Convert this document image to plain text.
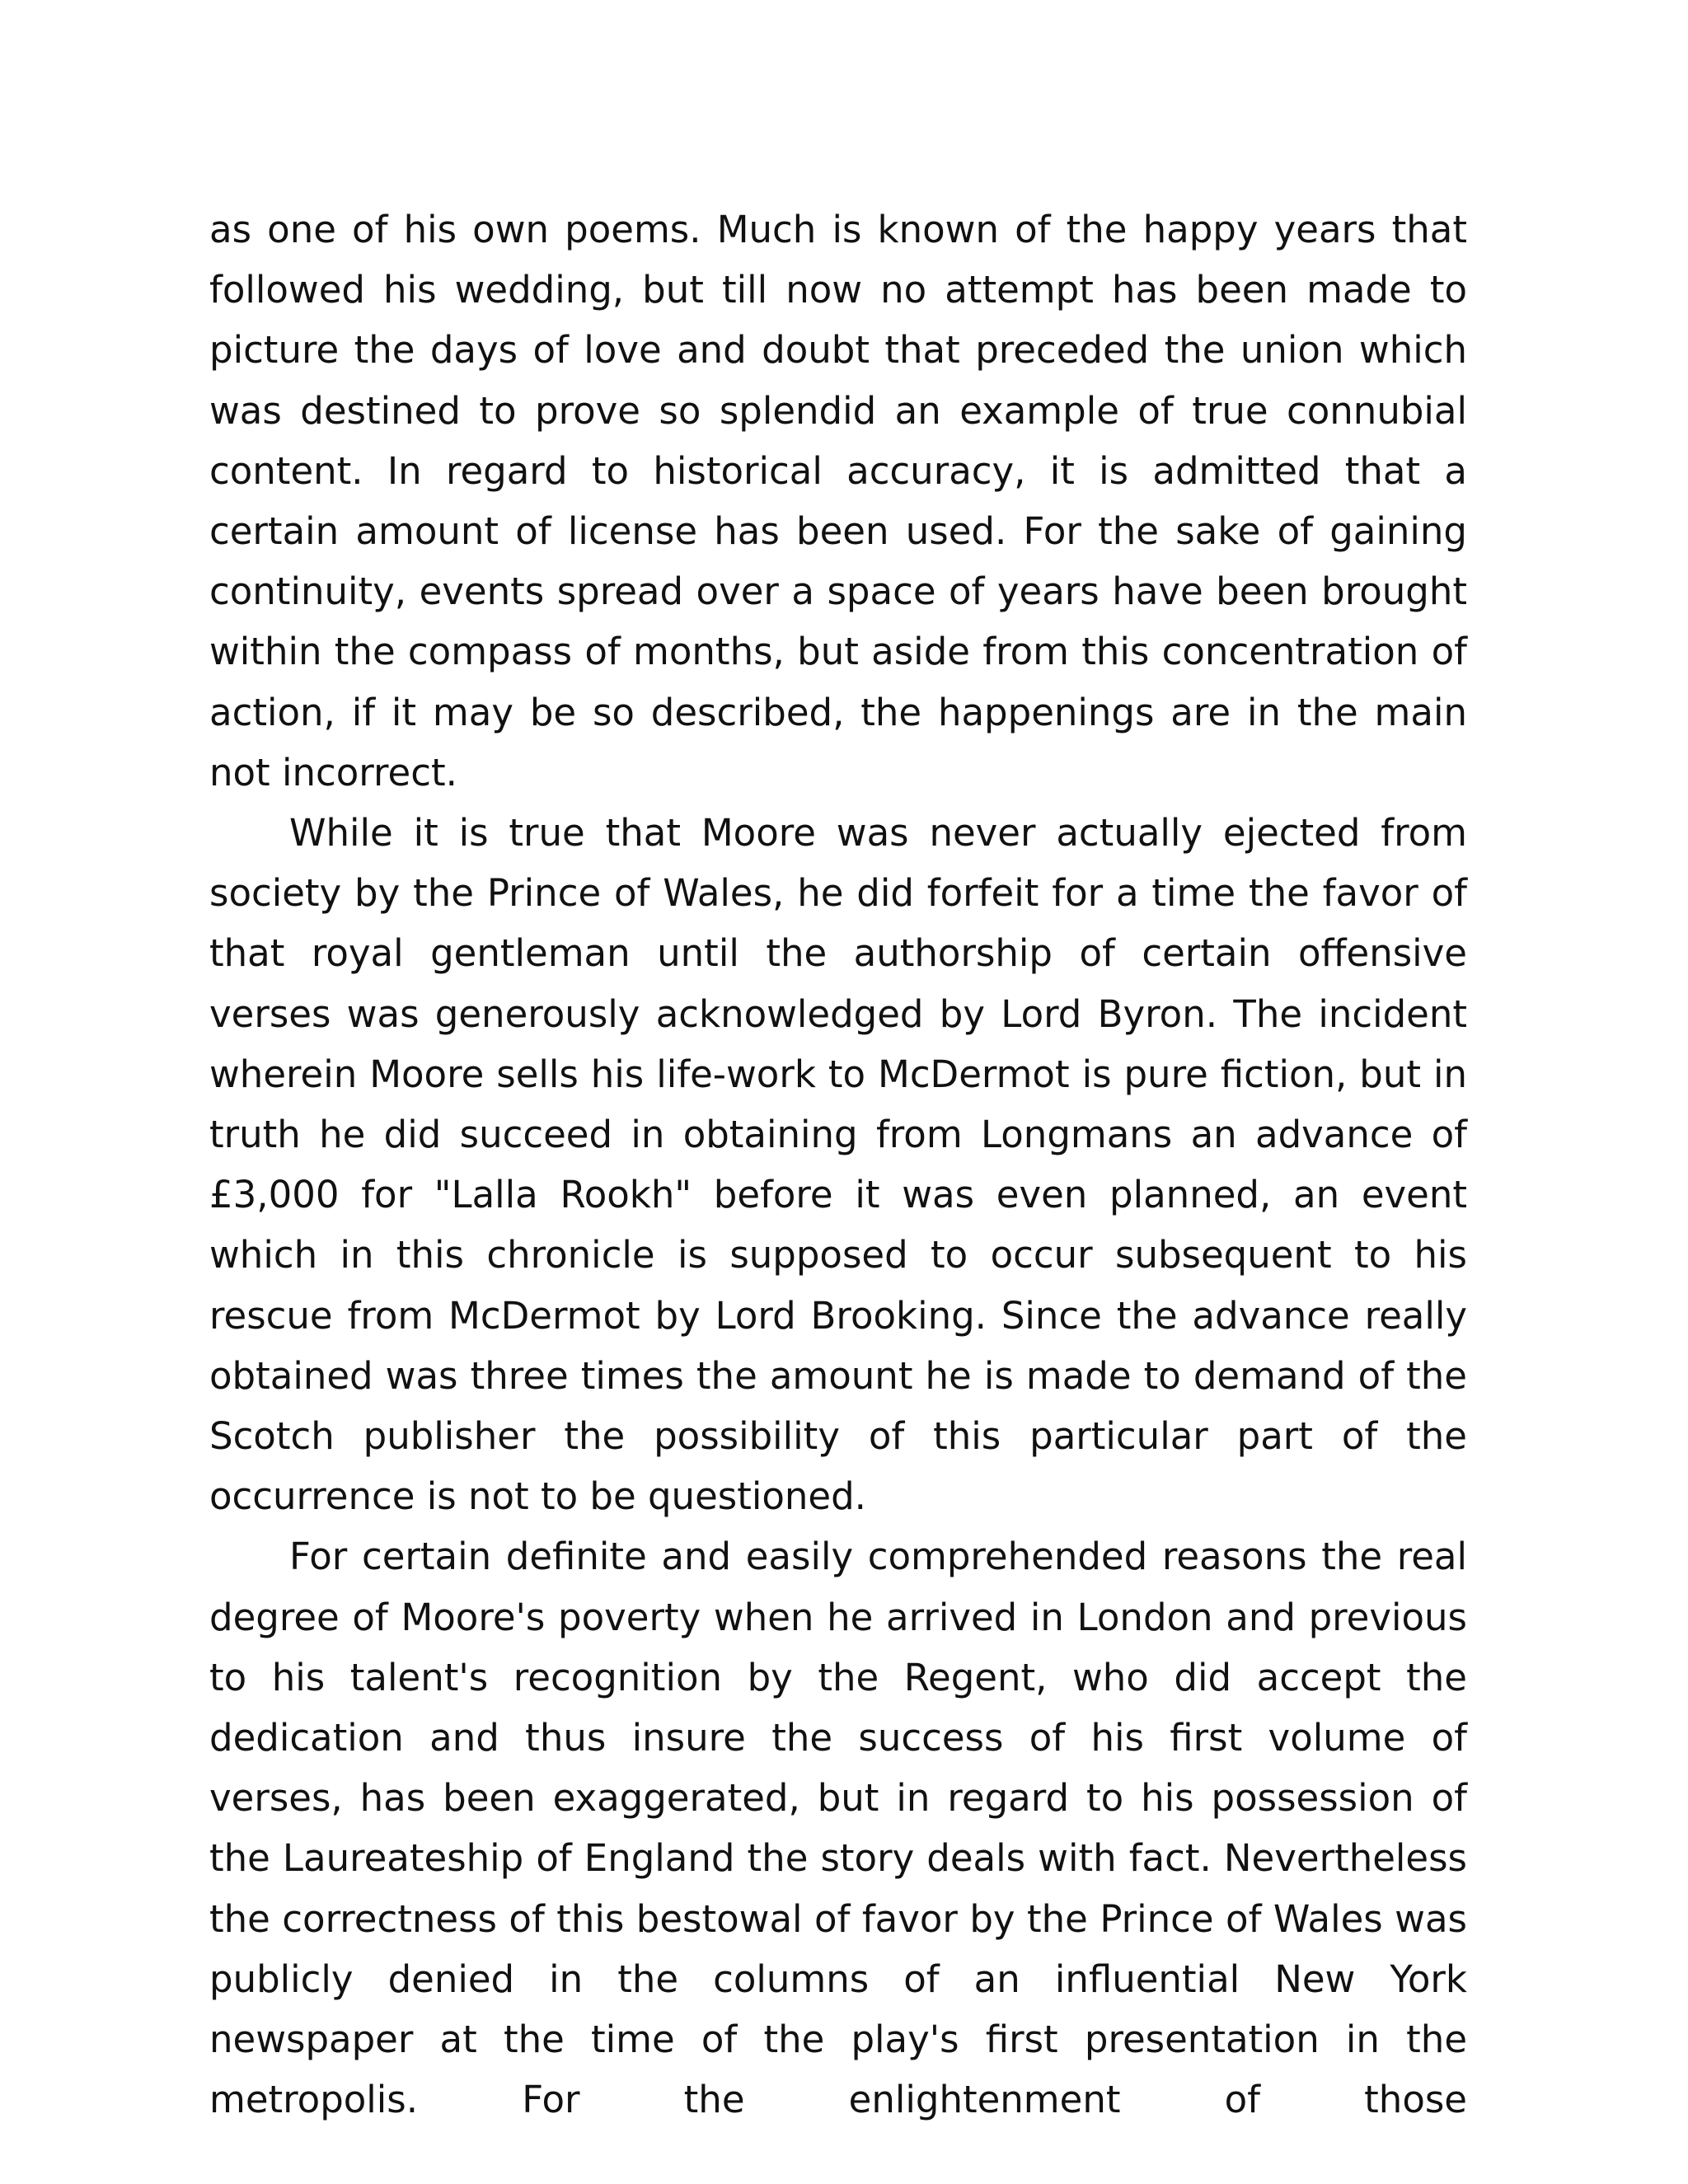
as one of his own poems. Much is known of the happy years that followed his wedding, but till now no attempt has been made to picture the days of love and doubt that preceded the union which was destined to prove so splendid an example of true connubial content. In regard to historical accuracy, it is admitted that a certain amount of license has been used. For the sake of gaining continuity, events spread over a space of years have been brought within the compass of months, but aside from this concentration of action, if it may be so described, the happenings are in the main not incorrect.

While it is true that Moore was never actually ejected from society by the Prince of Wales, he did forfeit for a time the favor of that royal gentleman until the authorship of certain offensive verses was generously acknowledged by Lord Byron. The incident wherein Moore sells his life-work to McDermot is pure fiction, but in truth he did succeed in obtaining from Longmans an advance of £3,000 for "Lalla Rookh" before it was even planned, an event which in this chronicle is supposed to occur subsequent to his rescue from McDermot by Lord Brooking. Since the advance really obtained was three times the amount he is made to demand of the Scotch publisher the possibility of this particular part of the occurrence is not to be questioned.

For certain definite and easily comprehended reasons the real degree of Moore's poverty when he arrived in London and previous to his talent's recognition by the Regent, who did accept the dedication and thus insure the success of his first volume of verses, has been exaggerated, but in regard to his possession of the Laureateship of England the story deals with fact. Nevertheless the correctness of this bestowal of favor by the Prince of Wales was publicly denied in the columns of an influential New York newspaper at the time of the play's first presentation in the metropolis. For the enlightenment of those
